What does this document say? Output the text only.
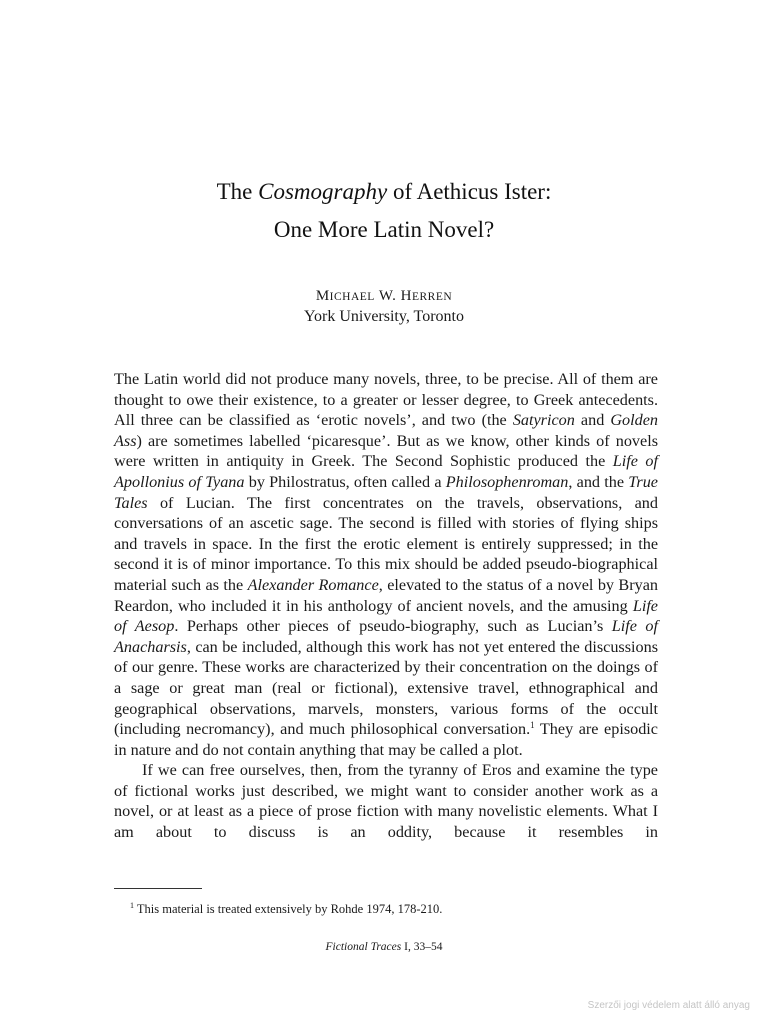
The Cosmography of Aethicus Ister:
One More Latin Novel?
MICHAEL W. HERREN
York University, Toronto

The Latin world did not produce many novels, three, to be precise. All of them are thought to owe their existence, to a greater or lesser degree, to Greek antecedents. All three can be classified as ‘erotic novels’, and two (the Satyricon and Golden Ass) are sometimes labelled ‘picaresque’. But as we know, other kinds of novels were written in antiquity in Greek. The Second Sophistic produced the Life of Apollonius of Tyana by Philostratus, often called a Philosophenroman, and the True Tales of Lucian. The first concentrates on the travels, observations, and conversations of an ascetic sage. The second is filled with stories of flying ships and travels in space. In the first the erotic element is entirely suppressed; in the second it is of minor importance. To this mix should be added pseudo-biographical material such as the Alexander Romance, elevated to the status of a novel by Bryan Reardon, who included it in his anthology of ancient novels, and the amusing Life of Aesop. Perhaps other pieces of pseudo-biography, such as Lucian’s Life of Anacharsis, can be included, although this work has not yet entered the discussions of our genre. These works are characterized by their concentration on the doings of a sage or great man (real or fictional), extensive travel, ethnographical and geographical observations, marvels, monsters, various forms of the occult (including necromancy), and much philosophical conversation.$^1$ They are episodic in nature and do not contain anything that may be called a plot.

If we can free ourselves, then, from the tyranny of Eros and examine the type of fictional works just described, we might want to consider another work as a novel, or at least as a piece of prose fiction with many novelistic elements. What I am about to discuss is an oddity, because it resembles in

$^1$ This material is treated extensively by Rohde 1974, 178-210.
Fictional Traces I, 33–54
Szerzői jogi védelem alatt álló anyag
